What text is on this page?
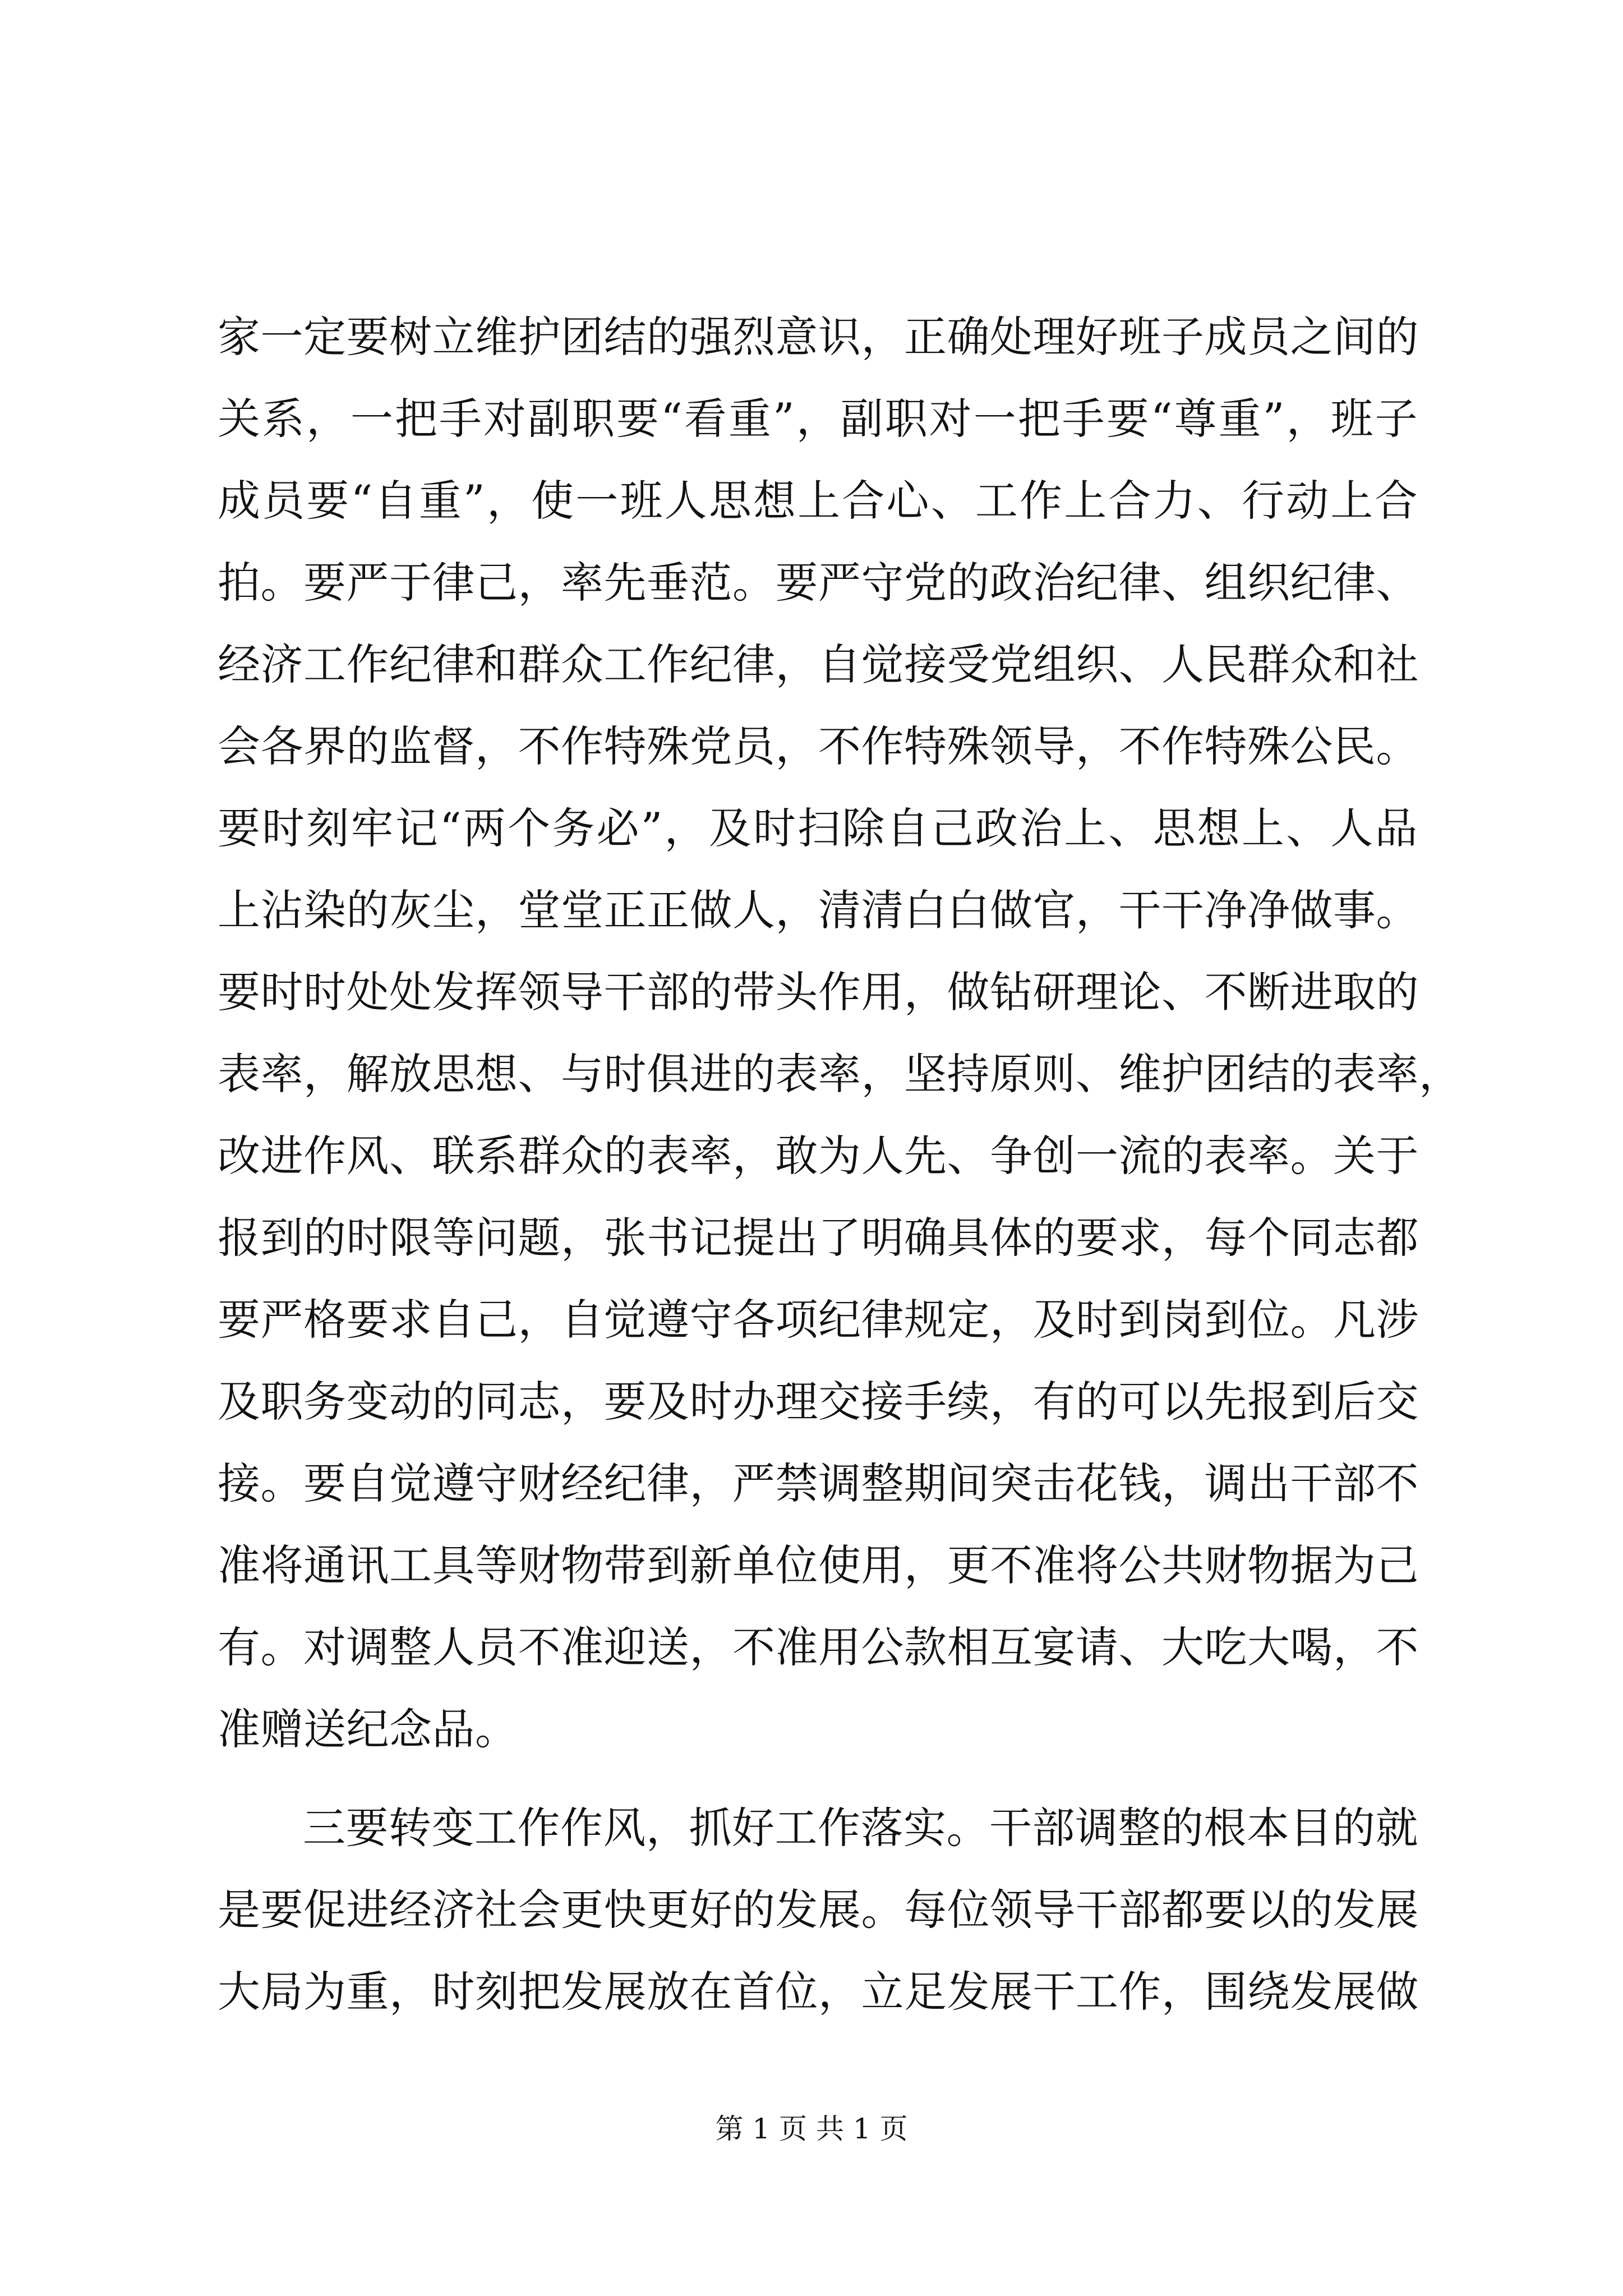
家一定要树立维护团结的强烈意识，正确处理好班子成员之间的
关系，一把手对副职要“看重”，副职对一把手要“尊重”，班子
成员要“自重”，使一班人思想上合心、工作上合力、行动上合
拍。要严于律己，率先垂范。要严守党的政治纪律、组织纪律、
经济工作纪律和群众工作纪律，自觉接受党组织、人民群众和社
会各界的监督，不作特殊党员，不作特殊领导，不作特殊公民。
要时刻牢记“两个务必”，及时扫除自己政治上、思想上、人品
上沾染的灰尘，堂堂正正做人，清清白白做官，干干净净做事。
要时时处处发挥领导干部的带头作用，做钻研理论、不断进取的
表率，解放思想、与时俱进的表率，坚持原则、维护团结的表率，
改进作风、联系群众的表率，敢为人先、争创一流的表率。关于
报到的时限等问题，张书记提出了明确具体的要求，每个同志都
要严格要求自己，自觉遵守各项纪律规定，及时到岗到位。凡涉
及职务变动的同志，要及时办理交接手续，有的可以先报到后交
接。要自觉遵守财经纪律，严禁调整期间突击花钱，调出干部不
准将通讯工具等财物带到新单位使用，更不准将公共财物据为己
有。对调整人员不准迎送，不准用公款相互宴请、大吃大喝，不
准赠送纪念品。
三要转变工作作风，抓好工作落实。干部调整的根本目的就
是要促进经济社会更快更好的发展。每位领导干部都要以的发展
大局为重，时刻把发展放在首位，立足发展干工作，围绕发展做
第 1 页 共 1 页
